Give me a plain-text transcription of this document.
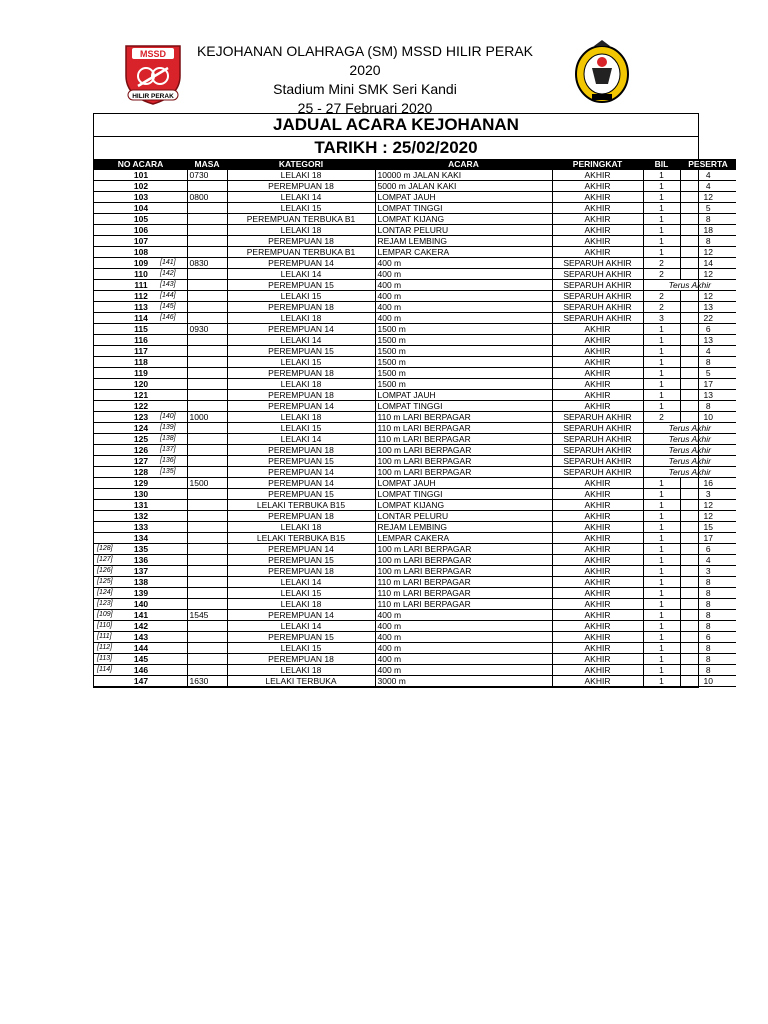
MSSD
HILIR PERAK
KEJOHANAN OLAHRAGA (SM) MSSD HILIR PERAK 2020
Stadium Mini SMK Seri Kandi
25 - 27 Februari 2020
JADUAL ACARA KEJOHANAN
TARIKH : 25/02/2020
NO ACARA	MASA	KATEGORI	ACARA	PERINGKAT	BIL	PESERTA

101	0730	LELAKI 18	10000 m JALAN KAKI	AKHIR	1	4

102		PEREMPUAN 18	5000 m JALAN KAKI	AKHIR	1	4

103	0800	LELAKI 14	LOMPAT JAUH	AKHIR	1	12

104		LELAKI 15	LOMPAT TINGGI	AKHIR	1	5

105		PEREMPUAN TERBUKA B1	LOMPAT KIJANG	AKHIR	1	8

106		LELAKI 18	LONTAR PELURU	AKHIR	1	18

107		PEREMPUAN 18	REJAM LEMBING	AKHIR	1	8

108		PEREMPUAN TERBUKA B1	LEMPAR CAKERA	AKHIR	1	12

109 [141]	0830	PEREMPUAN 14	400 m	SEPARUH AKHIR	2	14

110 [142]		LELAKI 14	400 m	SEPARUH AKHIR	2	12

111 [143]		PEREMPUAN 15	400 m	SEPARUH AKHIR	Terus Akhir	

112 [144]		LELAKI 15	400 m	SEPARUH AKHIR	2	12

113 [145]		PEREMPUAN 18	400 m	SEPARUH AKHIR	2	13

114 [146]		LELAKI 18	400 m	SEPARUH AKHIR	3	22

115	0930	PEREMPUAN 14	1500 m	AKHIR	1	6

116		LELAKI 14	1500 m	AKHIR	1	13

117		PEREMPUAN 15	1500 m	AKHIR	1	4

118		LELAKI 15	1500 m	AKHIR	1	8

119		PEREMPUAN 18	1500 m	AKHIR	1	5

120		LELAKI 18	1500 m	AKHIR	1	17

121		PEREMPUAN 18	LOMPAT JAUH	AKHIR	1	13

122		PEREMPUAN 14	LOMPAT TINGGI	AKHIR	1	8

123 [140]	1000	LELAKI 18	110 m LARI BERPAGAR	SEPARUH AKHIR	2	10

124 [139]		LELAKI 15	110 m LARI BERPAGAR	SEPARUH AKHIR	Terus Akhir	

125 [138]		LELAKI 14	110 m LARI BERPAGAR	SEPARUH AKHIR	Terus Akhir	

126 [137]		PEREMPUAN 18	100 m LARI BERPAGAR	SEPARUH AKHIR	Terus Akhir	

127 [136]		PEREMPUAN 15	100 m LARI BERPAGAR	SEPARUH AKHIR	Terus Akhir	

128 [135]		PEREMPUAN 14	100 m LARI BERPAGAR	SEPARUH AKHIR	Terus Akhir	

129	1500	PEREMPUAN 14	LOMPAT JAUH	AKHIR	1	16

130		PEREMPUAN 15	LOMPAT TINGGI	AKHIR	1	3

131		LELAKI TERBUKA B15	LOMPAT KIJANG	AKHIR	1	12

132		PEREMPUAN 18	LONTAR PELURU	AKHIR	1	12

133		LELAKI 18	REJAM LEMBING	AKHIR	1	15

134		LELAKI TERBUKA B15	LEMPAR CAKERA	AKHIR	1	17

[128] 135		PEREMPUAN 14	100 m LARI BERPAGAR	AKHIR	1	6

[127] 136		PEREMPUAN 15	100 m LARI BERPAGAR	AKHIR	1	4

[126] 137		PEREMPUAN 18	100 m LARI BERPAGAR	AKHIR	1	3

[125] 138		LELAKI 14	110 m LARI BERPAGAR	AKHIR	1	8

[124] 139		LELAKI 15	110 m LARI BERPAGAR	AKHIR	1	8

[123] 140		LELAKI 18	110 m LARI BERPAGAR	AKHIR	1	8

[109] 141	1545	PEREMPUAN 14	400 m	AKHIR	1	8

[110] 142		LELAKI 14	400 m	AKHIR	1	8

[111] 143		PEREMPUAN 15	400 m	AKHIR	1	6

[112] 144		LELAKI 15	400 m	AKHIR	1	8

[113] 145		PEREMPUAN 18	400 m	AKHIR	1	8

[114] 146		LELAKI 18	400 m	AKHIR	1	8

147	1630	LELAKI TERBUKA	3000 m	AKHIR	1	10
